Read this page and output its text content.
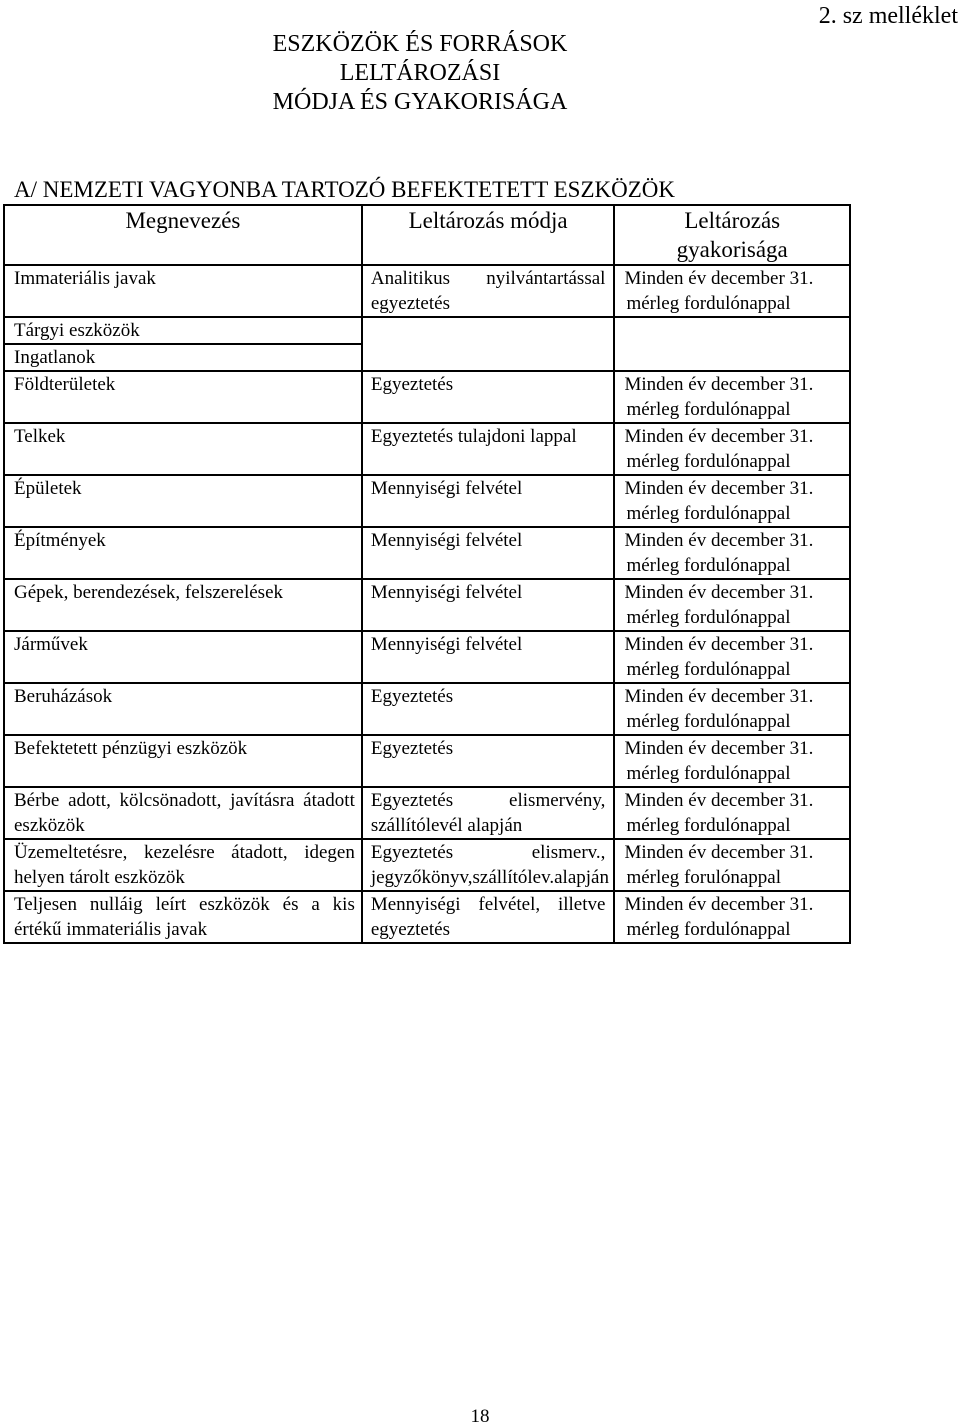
2. sz melléklet
ESZKÖZÖK ÉS FORRÁSOK LELTÁROZÁSI
MÓDJA ÉS GYAKORISÁGA
A/ NEMZETI VAGYONBA TARTOZÓ BEFEKTETETT ESZKÖZÖK
Megnevezés	Leltározás módja	Leltározás
gyakorisága

Immateriális javak	Analitikus nyilvántartással egyeztetés	Minden év december 31.
mérleg fordulónappal

Tárgyi eszközök		

Ingatlanok		
Földterületek	Egyeztetés	Minden év december 31.
mérleg fordulónappal

Telkek	Egyeztetés tulajdoni lappal	Minden év december 31.
mérleg fordulónappal

Épületek	Mennyiségi felvétel	Minden év december 31.
mérleg fordulónappal

Építmények	Mennyiségi felvétel	Minden év december 31.
mérleg fordulónappal

Gépek, berendezések, felszerelések	Mennyiségi felvétel	Minden év december 31.
mérleg fordulónappal

Járművek	Mennyiségi felvétel	Minden év december 31.
mérleg fordulónappal

Beruházások	Egyeztetés	Minden év december 31.
mérleg fordulónappal

Befektetett pénzügyi eszközök	Egyeztetés	Minden év december 31.
mérleg fordulónappal

Bérbe adott, kölcsönadott, javításra átadott eszközök	Egyeztetés elismervény, szállítólevél alapján	Minden év december 31.
mérleg fordulónappal

Üzemeltetésre, kezelésre átadott, idegen helyen tárolt eszközök	Egyeztetés elismerv., jegyzőkönyv,szállítólev.alapján	Minden év december 31.
mérleg forulónappal

Teljesen nulláig leírt eszközök és a kis értékű immateriális javak	Mennyiségi felvétel, illetve egyeztetés	Minden év december 31.
mérleg fordulónappal
18
